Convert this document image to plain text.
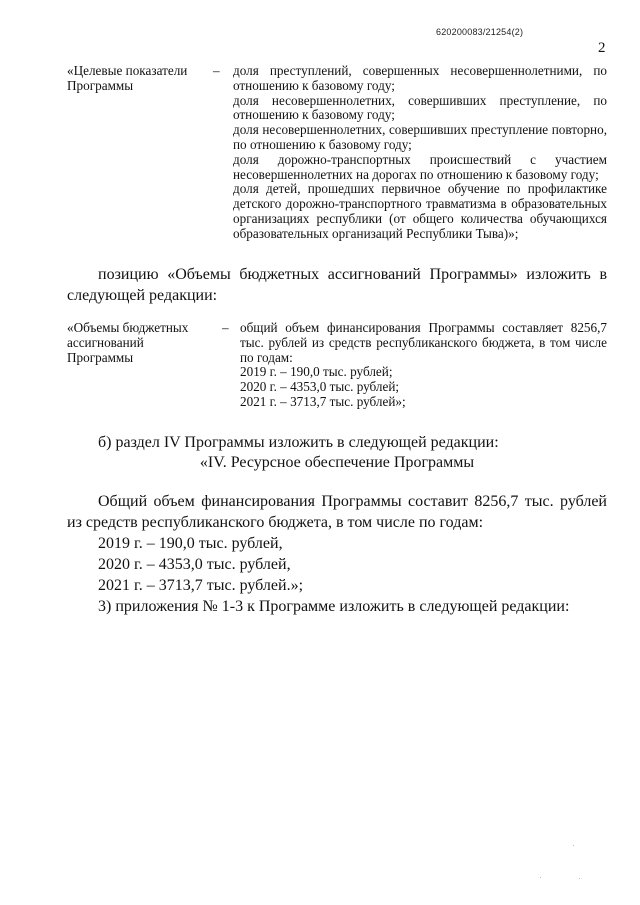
620200083/21254(2)
2
«Целевые показатели Программы
– доля преступлений, совершенных несовершеннолетними, по отношению к базовому году;

доля несовершеннолетних, совершивших преступление, по отношению к базовому году;

доля несовершеннолетних, совершивших преступление повторно, по отношению к базовому году;

доля дорожно-транспортных происшествий с участием несовершеннолетних на дорогах по отношению к базовому году;

доля детей, прошедших первичное обучение по профилактике детского дорожно-транспортного травматизма в образовательных организациях республики (от общего количества обучающихся образовательных организаций Республики Тыва)»;

позицию «Объемы бюджетных ассигнований Программы» изложить в следующей редакции:

«Объемы бюджетных ассигнований Программы
– общий объем финансирования Программы составляет 8256,7 тыс. рублей из средств республиканского бюджета, в том числе по годам:

2019 г. – 190,0 тыс. рублей;

2020 г. – 4353,0 тыс. рублей;

2021 г. – 3713,7 тыс. рублей»;

б) раздел IV Программы изложить в следующей редакции:

«IV. Ресурсное обеспечение Программы

Общий объем финансирования Программы составит 8256,7 тыс. рублей из средств республиканского бюджета, в том числе по годам:

2019 г. – 190,0 тыс. рублей,

2020 г. – 4353,0 тыс. рублей,

2021 г. – 3713,7 тыс. рублей.»;

3) приложения № 1-3 к Программе изложить в следующей редакции:
